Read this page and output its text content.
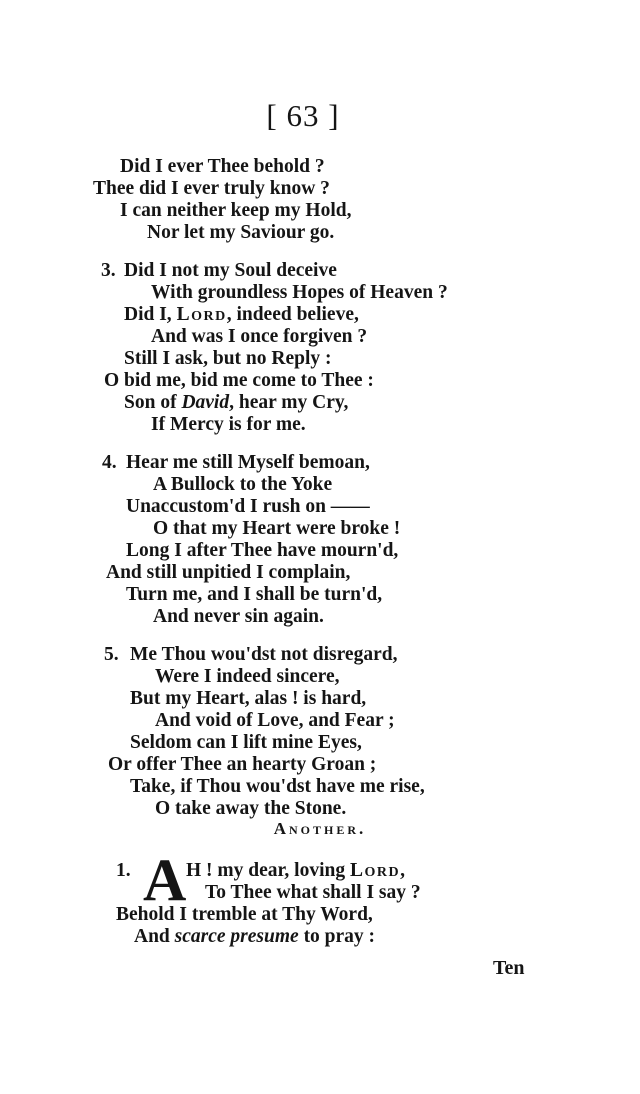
[ 63 ]
Did I ever Thee behold ?
Thee did I ever truly know ?
I can neither keep my Hold,
Nor let my Saviour go.
3. Did I not my Soul deceive
With groundless Hopes of Heaven ?
Did I, Lord, indeed believe,
And was I once forgiven ?
Still I ask, but no Reply :
O bid me, bid me come to Thee :
Son of David, hear my Cry,
If Mercy is for me.
4. Hear me still Myself bemoan,
A Bullock to the Yoke
Unaccustom'd I rush on ——
O that my Heart were broke !
Long I after Thee have mourn'd,
And still unpitied I complain,
Turn me, and I shall be turn'd,
And never sin again.
5. Me Thou wou'dst not disregard,
Were I indeed sincere,
But my Heart, alas ! is hard,
And void of Love, and Fear ;
Seldom can I lift mine Eyes,
Or offer Thee an hearty Groan ;
Take, if Thou wou'dst have me rise,
O take away the Stone.
Another.
1. A H ! my dear, loving Lord,
To Thee what shall I say ?
Behold I tremble at Thy Word,
And scarce presume to pray :
Ten
